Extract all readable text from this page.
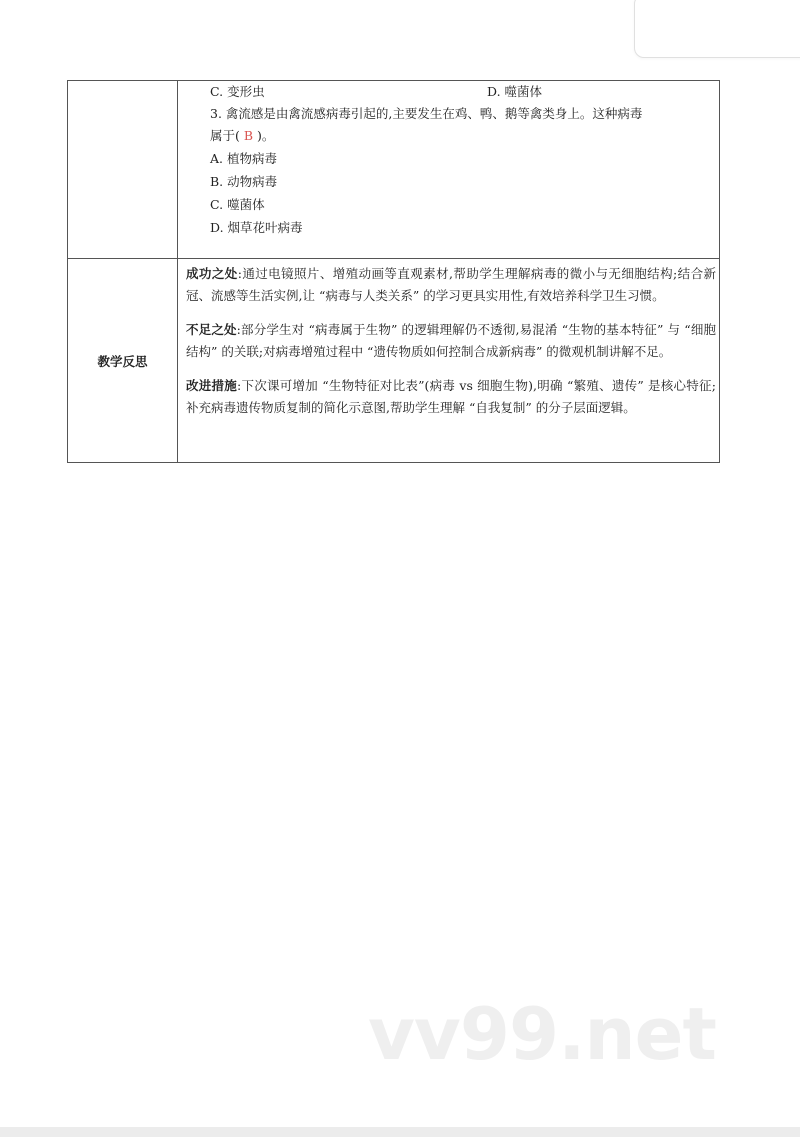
C. 变形虫	D. 噬菌体
3. 禽流感是由禽流感病毒引起的,主要发生在鸡、鸭、鹅等禽类身上。这种病毒
属于( B )。
A. 植物病毒
B. 动物病毒
C. 噬菌体
D. 烟草花叶病毒
教学反思

成功之处:通过电镜照片、增殖动画等直观素材,帮助学生理解病毒的微小与无细胞结构;结合新冠、流感等生活实例,让 “病毒与人类关系” 的学习更具实用性,有效培养科学卫生习惯。

不足之处:部分学生对 “病毒属于生物” 的逻辑理解仍不透彻,易混淆 “生物的基本特征” 与 “细胞结构” 的关联;对病毒增殖过程中 “遗传物质如何控制合成新病毒” 的微观机制讲解不足。

改进措施:下次课可增加 “生物特征对比表”(病毒 vs 细胞生物),明确 “繁殖、遗传” 是核心特征;补充病毒遗传物质复制的简化示意图,帮助学生理解 “自我复制” 的分子层面逻辑。

vv99.net
